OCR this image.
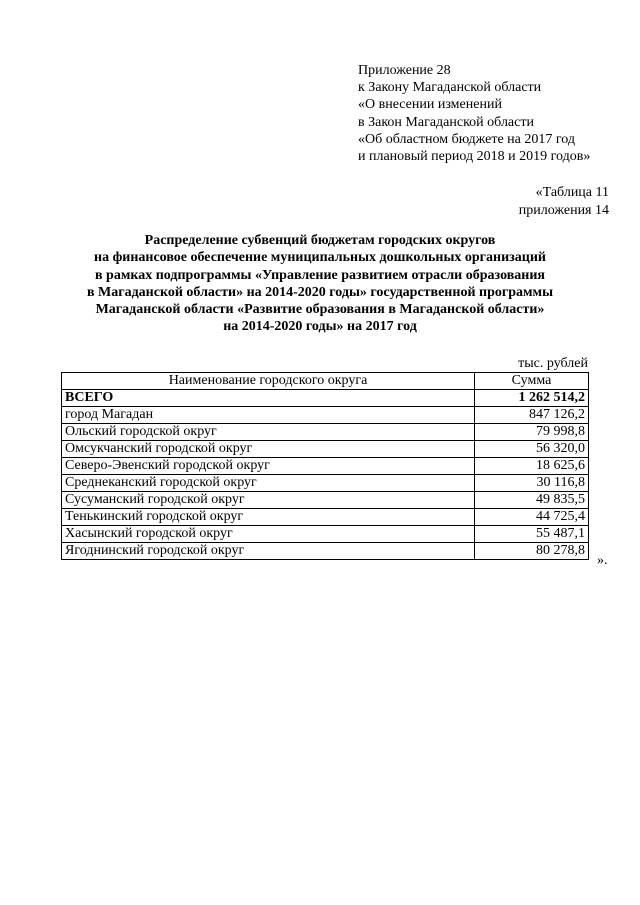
Приложение 28
к Закону Магаданской области
«О внесении изменений
в Закон Магаданской области
«Об областном бюджете на 2017 год
и плановый период 2018 и 2019 годов»
«Таблица 11
приложения 14
Распределение субвенций бюджетам городских округов
на финансовое обеспечение муниципальных дошкольных организаций
в рамках подпрограммы «Управление развитием отрасли образования
в Магаданской области» на 2014-2020 годы» государственной программы
Магаданской области «Развитие образования в Магаданской области»
на 2014-2020 годы» на 2017 год
тыс. рублей
Наименование городского округа	Сумма
ВСЕГО	1 262 514,2
город Магадан	847 126,2
Ольский городской округ	79 998,8
Омсукчанский городской округ	56 320,0
Северо-Эвенский городской округ	18 625,6
Среднеканский городской округ	30 116,8
Сусуманский городской округ	49 835,5
Тенькинский городской округ	44 725,4
Хасынский городской округ	55 487,1
Ягоднинский городской округ	80 278,8
».
